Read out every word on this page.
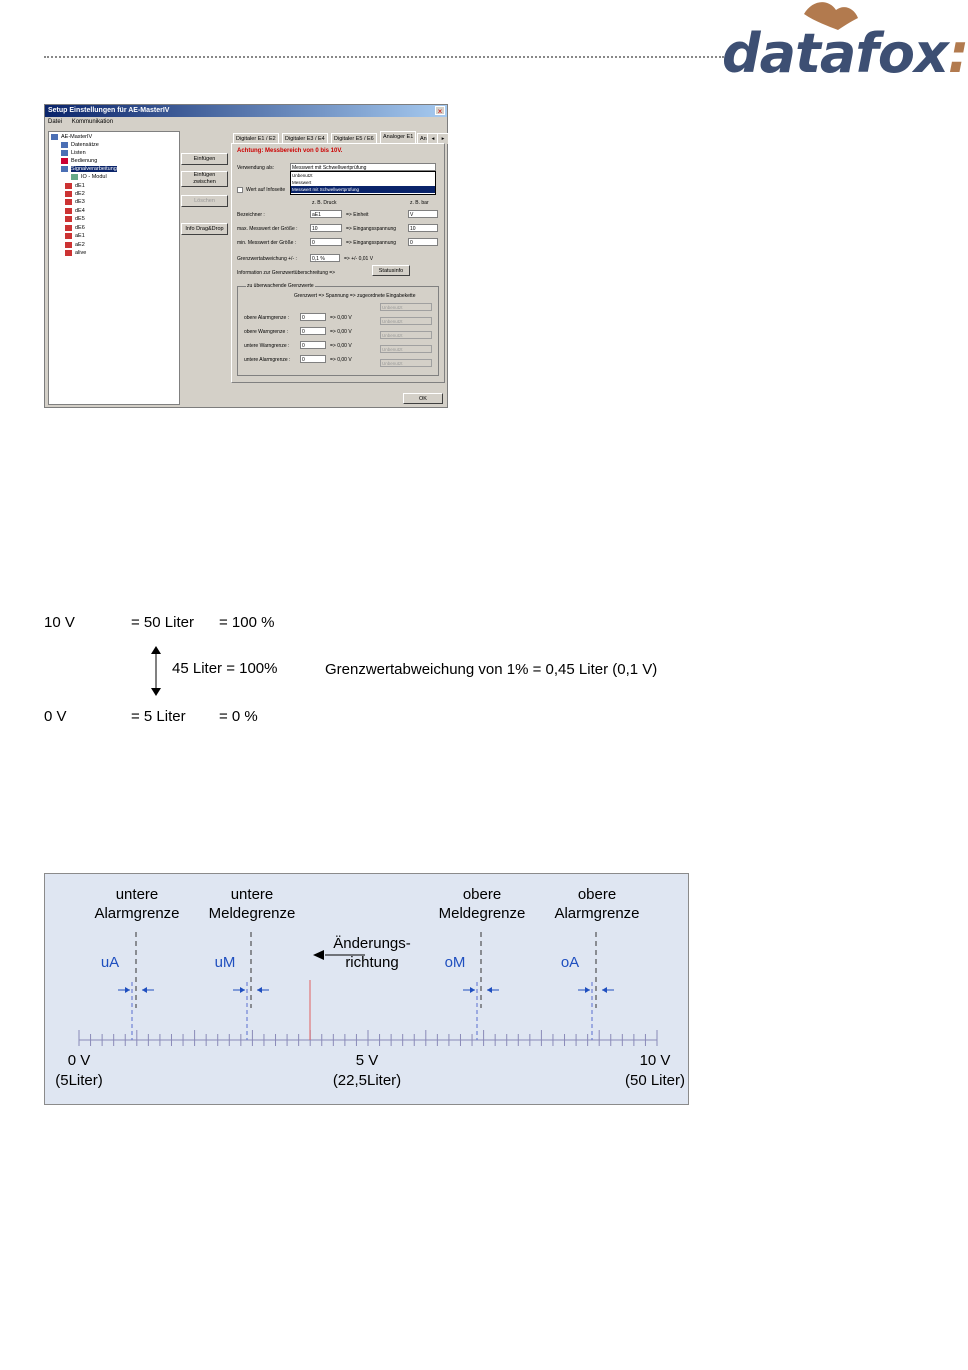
datafox:
Setup Einstellungen für AE-MasterIV	×
Datei Kommunikation
AE-MasterIV
Datensätze
Listen
Bedienung
Signalverarbeitung
IO - Modul
dE1
dE2
dE3
dE4
dE5
dE6
aE1
aE2
alive
Einfügen
Einfügen zwischen
Löschen
Info Drag&Drop
Digitaler E1 / E2	Digitaler E3 / E4	Digitaler E5 / E6	Analoger E1	An ◂	▸
Achtung: Messbereich von 0 bis 10V.
Verwendung als:	Messwert mit Schwellwertprüfung
Unbenutzt
Messwert
Messwert mit Schwellwertprüfung
Wert auf Infoseite
z. B. Druck	z. B. bar
Bezeichner :	aE1	=> Einheit	V
max. Messwert der Größe :	10	=> Eingangsspannung	10
min. Messwert der Größe :	0	=> Eingangsspannung	0
Grenzwertabweichung +/- :	0,1 %	=> +/- 0,01 V
Information zur Grenzwertüberschreitung =>	Statusinfo
zu überwachende Grenzwerte
Grenzwert => Spannung => zugeordnete Eingabekette
Unbenutzt
obere Alarmgrenze :	0	=> 0,00 V
Unbenutzt
obere Warngrenze :	0	=> 0,00 V
Unbenutzt
untere Warngrenze :	0	=> 0,00 V
Unbenutzt
untere Alarmgrenze :	0	=> 0,00 V
Unbenutzt
OK
10 V	= 50 Liter = 100 %
45 Liter = 100%	Grenzwertabweichung von 1% = 0,45 Liter (0,1 V)
0 V	= 5 Liter = 0 %
untere
Alarmgrenze
untere
Meldegrenze
obere
Meldegrenze
obere
Alarmgrenze
uA	uM	oM	oA
Änderungs-
richtung
0 V
(5Liter)
5 V
(22,5Liter)
10 V
(50 Liter)
